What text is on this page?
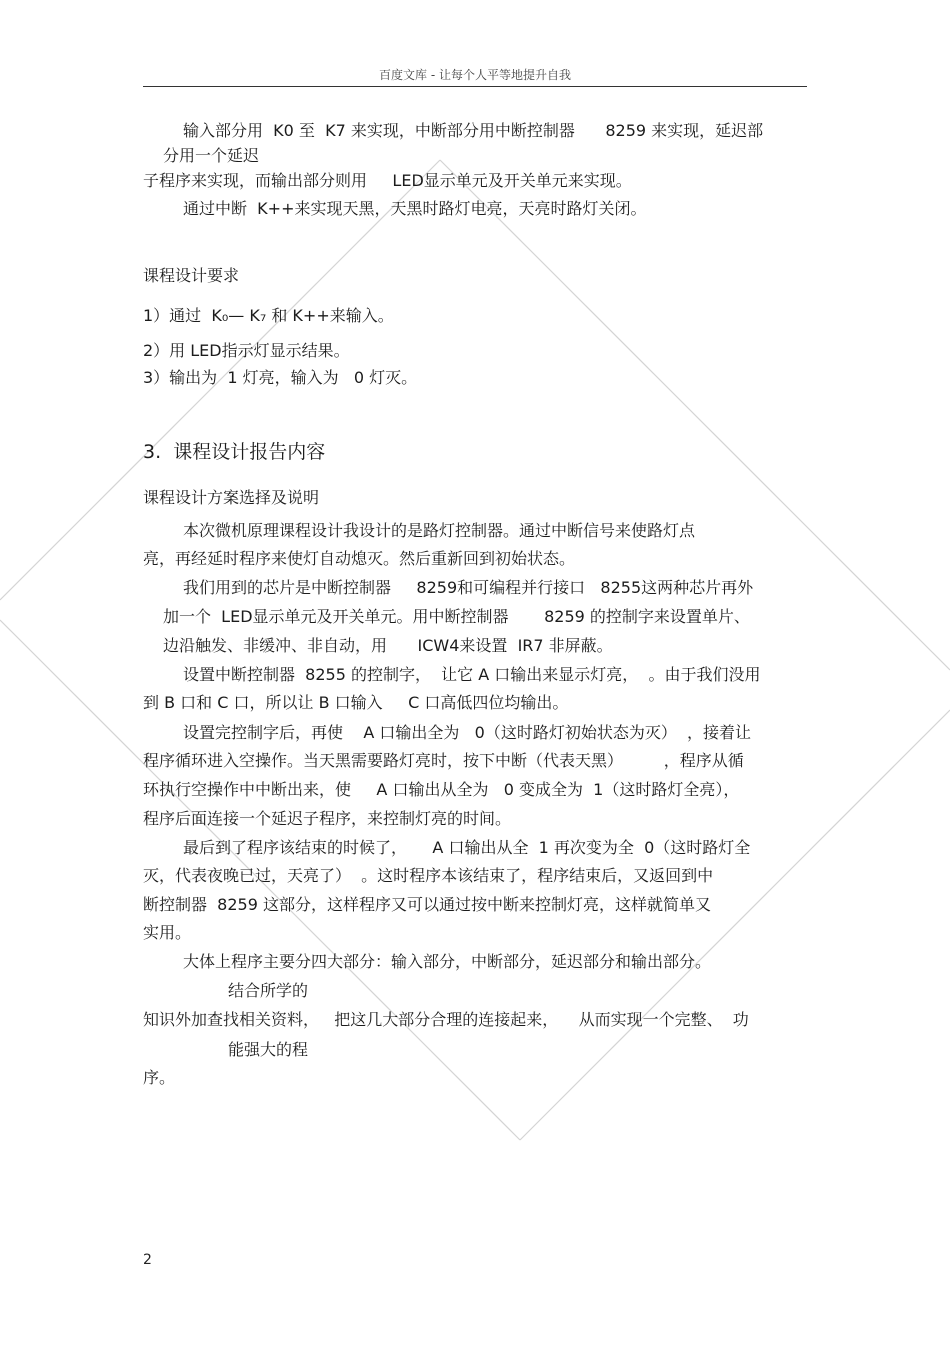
百度文库 - 让每个人平等地提升自我
输入部分用  K0 至  K7 来实现，中断部分用中断控制器      8259 来实现，延迟部
分用一个延迟
子程序来实现，而输出部分则用     LED显示单元及开关单元来实现。
通过中断  K++来实现天黑，天黑时路灯电亮，天亮时路灯关闭。
课程设计要求
1）通过  K₀— K₇ 和 K++来输入。
2）用 LED指示灯显示结果。
3）输出为  1 灯亮，输入为   0 灯灭。
3.  课程设计报告内容
课程设计方案选择及说明
本次微机原理课程设计我设计的是路灯控制器。通过中断信号来使路灯点
亮，再经延时程序来使灯自动熄灭。然后重新回到初始状态。
我们用到的芯片是中断控制器     8259和可编程并行接口   8255这两种芯片再外
加一个  LED显示单元及开关单元。用中断控制器       8259 的控制字来设置单片、
边沿触发、非缓冲、非自动，用      ICW4来设置  IR7 非屏蔽。
设置中断控制器  8255 的控制字，  让它 A 口输出来显示灯亮，  。由于我们没用
到 B 口和 C 口，所以让 B 口输入     C 口高低四位均输出。
设置完控制字后，再使    A 口输出全为   0（这时路灯初始状态为灭）  ，接着让
程序循环进入空操作。当天黑需要路灯亮时，按下中断（代表天黑）        ，程序从循
环执行空操作中中断出来，使     A 口输出从全为   0 变成全为  1（这时路灯全亮），
程序后面连接一个延迟子程序，来控制灯亮的时间。
最后到了程序该结束的时候了，     A 口输出从全  1 再次变为全  0（这时路灯全
灭，代表夜晚已过，天亮了）  。这时程序本该结束了，程序结束后，又返回到中
断控制器  8259 这部分，这样程序又可以通过按中断来控制灯亮，这样就简单又
实用。
大体上程序主要分四大部分：输入部分，中断部分，延迟部分和输出部分。
结合所学的
知识外加查找相关资料，   把这几大部分合理的连接起来，    从而实现一个完整、  功
能强大的程
序。
2
